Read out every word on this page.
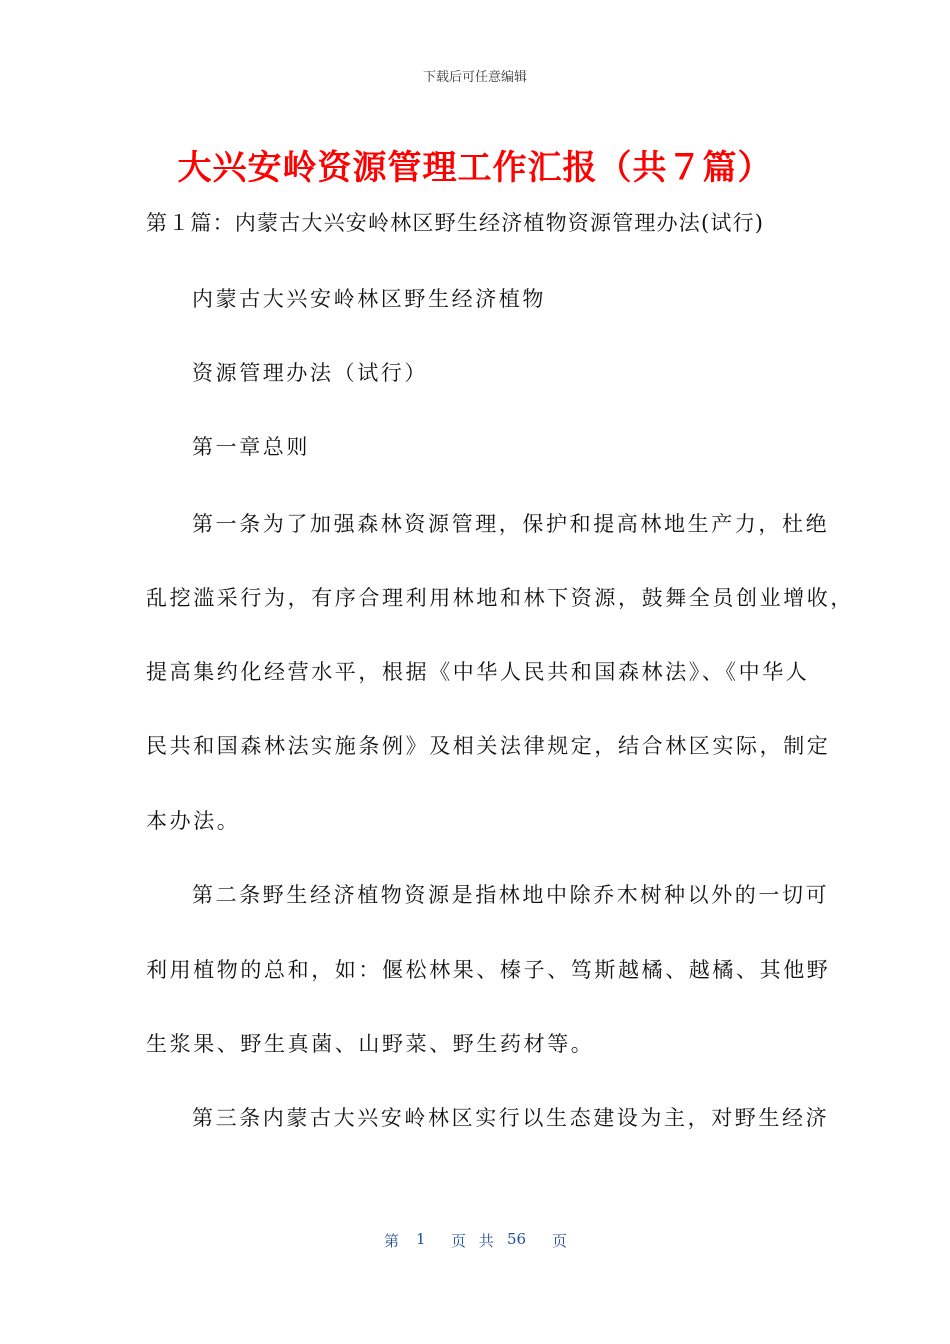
下载后可任意编辑
大兴安岭资源管理工作汇报（共７篇）
第１篇：内蒙古大兴安岭林区野生经济植物资源管理办法(试行)
内蒙古大兴安岭林区野生经济植物
资源管理办法（试行）
第一章总则
第一条为了加强森林资源管理，保护和提高林地生产力，杜绝
乱挖滥采行为，有序合理利用林地和林下资源，鼓舞全员创业增收，
提高集约化经营水平，根据《中华人民共和国森林法》、《中华人
民共和国森林法实施条例》及相关法律规定，结合林区实际，制定
本办法。
第二条野生经济植物资源是指林地中除乔木树种以外的一切可
利用植物的总和，如：偃松林果、榛子、笃斯越橘、越橘、其他野
生浆果、野生真菌、山野菜、野生药材等。
第三条内蒙古大兴安岭林区实行以生态建设为主，对野生经济
第 1 页 共 56 页
